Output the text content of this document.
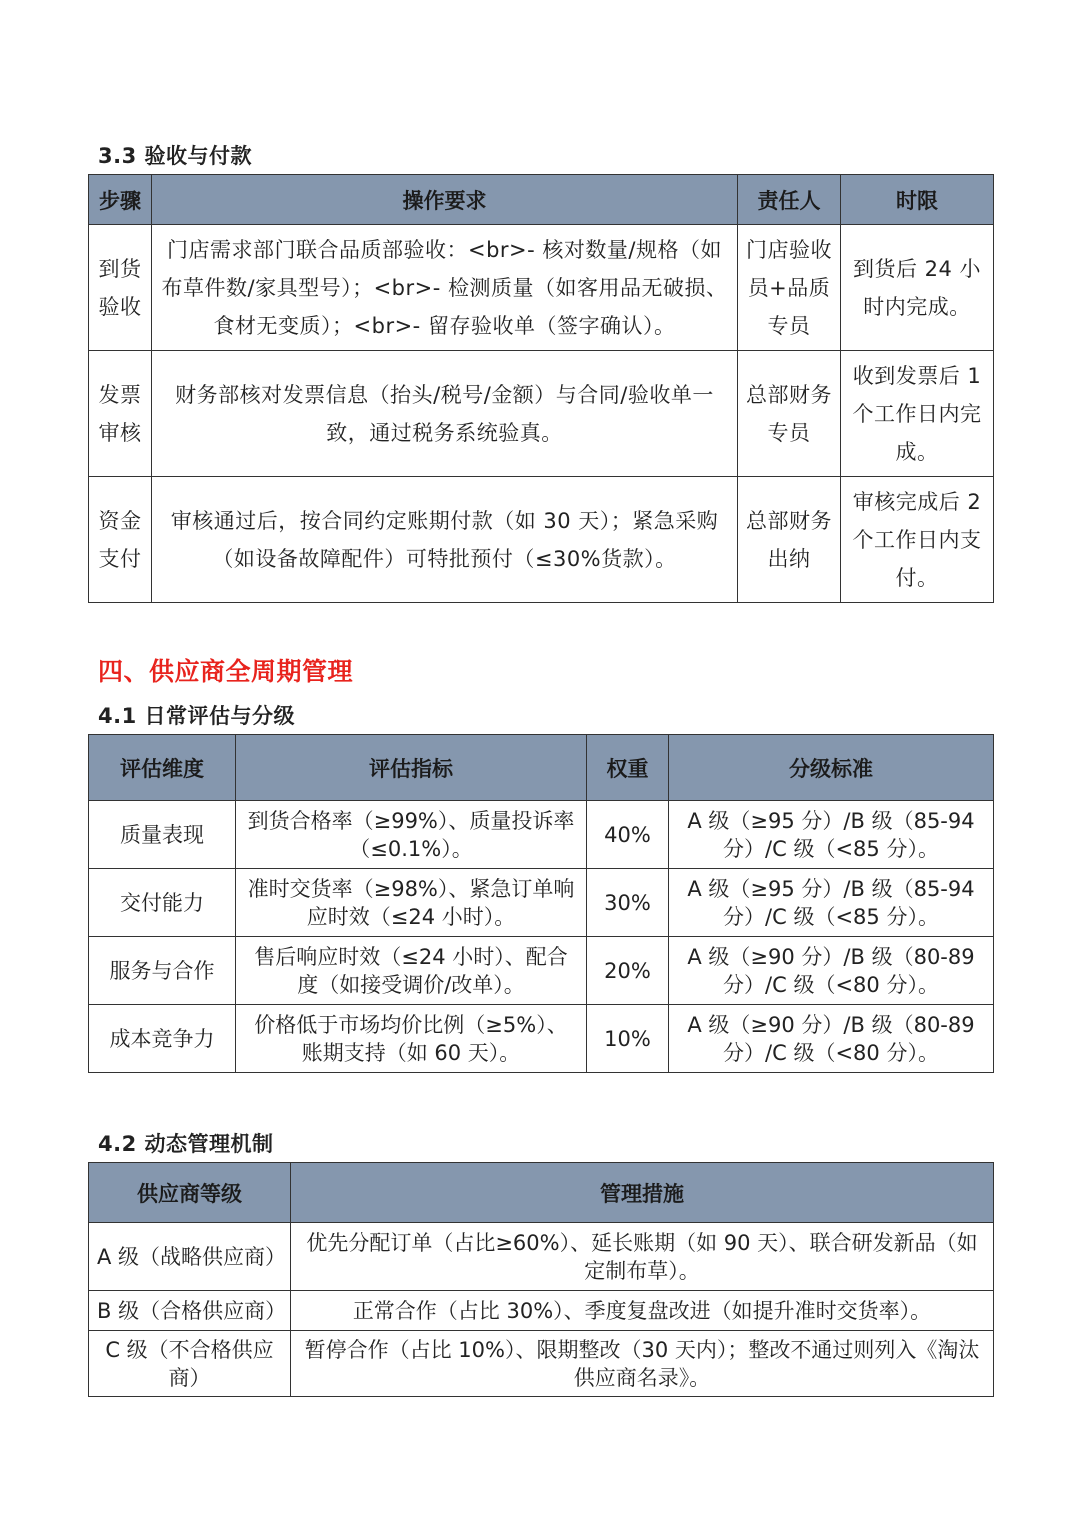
3.3 验收与付款
步骤	操作要求	责任人	时限
到货验收	门店需求部门联合品质部验收：<br>- 核对数量/规格（如布草件数/家具型号）；<br>- 检测质量（如客用品无破损、食材无变质）；<br>- 留存验收单（签字确认）。	门店验收员+品质专员	到货后 24 小时内完成。
发票审核	财务部核对发票信息（抬头/税号/金额）与合同/验收单一致，通过税务系统验真。	总部财务专员	收到发票后 1 个工作日内完成。
资金支付	审核通过后，按合同约定账期付款（如 30 天）；紧急采购（如设备故障配件）可特批预付（≤30%货款）。	总部财务出纳	审核完成后 2 个工作日内支付。
四、供应商全周期管理
4.1 日常评估与分级
评估维度	评估指标	权重	分级标准
质量表现	到货合格率（≥99%）、质量投诉率（≤0.1%）。	40%	A 级（≥95 分）/B 级（85-94 分）/C 级（<85 分）。
交付能力	准时交货率（≥98%）、紧急订单响应时效（≤24 小时）。	30%	A 级（≥95 分）/B 级（85-94 分）/C 级（<85 分）。
服务与合作	售后响应时效（≤24 小时）、配合度（如接受调价/改单）。	20%	A 级（≥90 分）/B 级（80-89 分）/C 级（<80 分）。
成本竞争力	价格低于市场均价比例（≥5%）、账期支持（如 60 天）。	10%	A 级（≥90 分）/B 级（80-89 分）/C 级（<80 分）。
4.2 动态管理机制
供应商等级	管理措施
A 级（战略供应商）	优先分配订单（占比≥60%）、延长账期（如 90 天）、联合研发新品（如定制布草）。
B 级（合格供应商）	正常合作（占比 30%）、季度复盘改进（如提升准时交货率）。
C 级（不合格供应商）	暂停合作（占比 10%）、限期整改（30 天内）；整改不通过则列入《淘汰供应商名录》。
